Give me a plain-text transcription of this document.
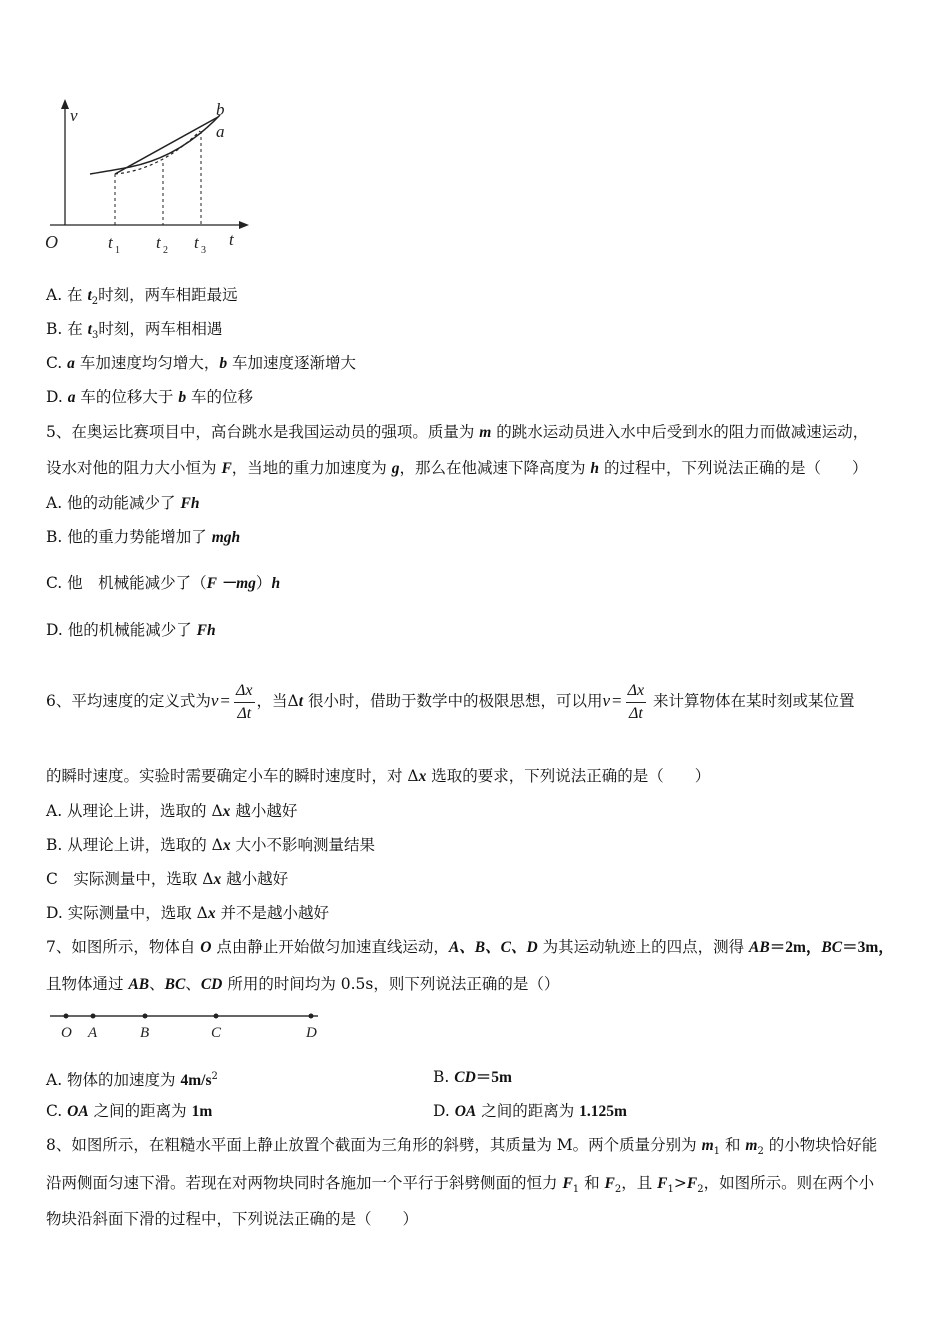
v
t
O
b
a
t 1 t 2 t 3
A. 在 $t_2$时刻，两车相距最远
B. 在 $t_3$时刻，两车相相遇
C. a 车加速度均匀增大，b 车加速度逐渐增大
D. a 车的位移大于 b 车的位移
5、在奥运比赛项目中，高台跳水是我国运动员的强项。质量为 m 的跳水运动员进入水中后受到水的阻力而做减速运动，
设水对他的阻力大小恒为 F，当地的重力加速度为 g，那么在他减速下降高度为 h 的过程中，下列说法正确的是（　　）
A. 他的动能减少了 Fh
B. 他的重力势能增加了 mgh
C. 他　机械能减少了（F －mg）h
D. 他的机械能减少了 Fh
6、平均速度的定义式为$v = \frac{\Delta x}{\Delta t}$ ，当Δt 很小时，借助于数学中的极限思想，可以用$v = \frac{\Delta x}{\Delta t}$ 来计算物体在某时刻或某位置
的瞬时速度。实验时需要确定小车的瞬时速度时，对 Δx 选取的要求，下列说法正确的是（　　）
A. 从理论上讲，选取的 Δx 越小越好
B. 从理论上讲，选取的 Δx 大小不影响测量结果
C　实际测量中，选取 Δx 越小越好
D. 实际测量中，选取 Δx 并不是越小越好
7、如图所示，物体自 O 点由静止开始做匀加速直线运动，A、B、C、D 为其运动轨迹上的四点，测得 AB＝2m，BC＝3m，
且物体通过 AB、BC、CD 所用的时间均为 0.5s，则下列说法正确的是（）
O A	B	C	D
A. 物体的加速度为 $4m/s^2$	B. CD＝5m
C. OA 之间的距离为 1m	D. OA 之间的距离为 1.125m
8、如图所示，在粗糙水平面上静止放置个截面为三角形的斜劈，其质量为 M。两个质量分别为 $m_1$ 和 $m_2$ 的小物块恰好能
沿两侧面匀速下滑。若现在对两物块同时各施加一个平行于斜劈侧面的恒力 $F_1$ 和 $F_2$，且 $F_1>F_2$，如图所示。则在两个小
物块沿斜面下滑的过程中，下列说法正确的是（　　）
